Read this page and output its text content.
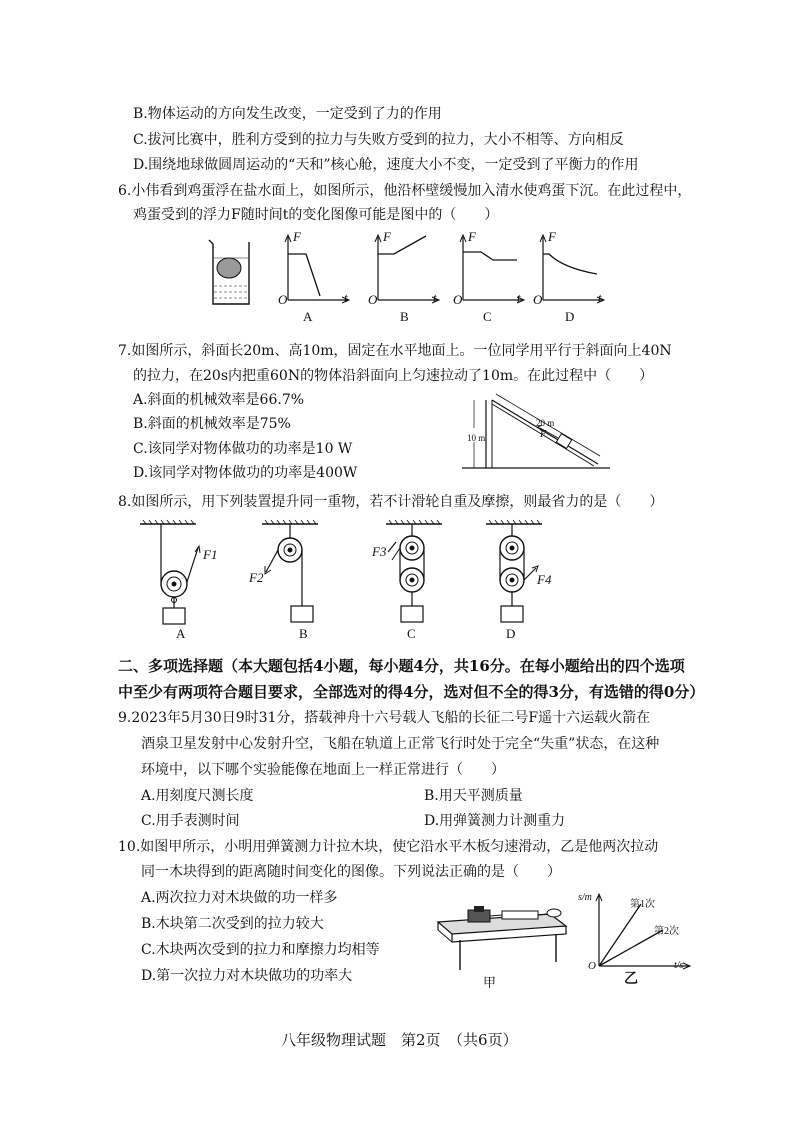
B.物体运动的方向发生改变，一定受到了力的作用
C.拔河比赛中，胜利方受到的拉力与失败方受到的拉力，大小不相等、方向相反
D.围绕地球做圆周运动的“天和”核心舱，速度大小不变，一定受到了平衡力的作用
6.小伟看到鸡蛋浮在盐水面上，如图所示，他沿杯壁缓慢加入清水使鸡蛋下沉。在此过程中，
鸡蛋受到的浮力F随时间t的变化图像可能是图中的（　　）
F
O	t
A
F
O	t
B
F
O	t
C
F
O	t
D
7.如图所示，斜面长20m、高10m，固定在水平地面上。一位同学用平行于斜面向上40N
的拉力，在20s内把重60N的物体沿斜面向上匀速拉动了10m。在此过程中（　　）
A.斜面的机械效率是66.7%
B.斜面的机械效率是75%
C.该同学对物体做功的功率是10 W
D.该同学对物体做功的功率是400W
20 m
10 m	F
8.如图所示，用下列装置提升同一重物，若不计滑轮自重及摩擦，则最省力的是（　　）
F1
A
F2
B
F3
C
F4
D
二、多项选择题（本大题包括4小题，每小题4分，共16分。在每小题给出的四个选项
中至少有两项符合题目要求，全部选对的得4分，选对但不全的得3分，有选错的得0分）
9.2023年5月30日9时31分，搭载神舟十六号载人飞船的长征二号F遥十六运载火箭在
酒泉卫星发射中心发射升空，飞船在轨道上正常飞行时处于完全“失重”状态，在这种
环境中，以下哪个实验能像在地面上一样正常进行（　　）
A.用刻度尺测长度	B.用天平测质量
C.用手表测时间	D.用弹簧测力计测重力
10.如图甲所示，小明用弹簧测力计拉木块，使它沿水平木板匀速滑动，乙是他两次拉动
同一木块得到的距离随时间变化的图像。下列说法正确的是（　　）
A.两次拉力对木块做的功一样多
B.木块第二次受到的拉力较大
C.木块两次受到的拉力和摩擦力均相等
D.第一次拉力对木块做功的功率大	甲
s/m
t/s
O
第1次
第2次
乙
八年级物理试题　第2页　（共6页）
